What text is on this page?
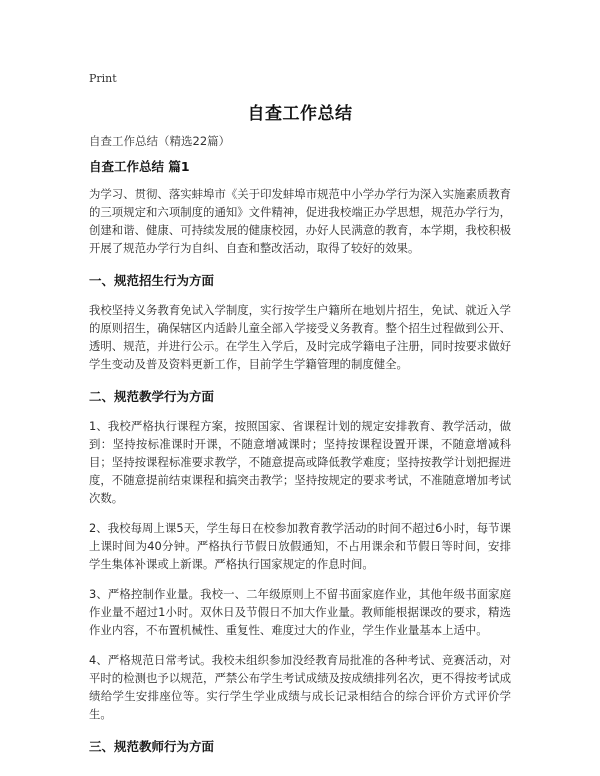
Print
自查工作总结
自查工作总结（精选22篇）
自查工作总结 篇1

为学习、贯彻、落实蚌埠市《关于印发蚌埠市规范中小学办学行为深入实施素质教育的三项规定和六项制度的通知》文件精神，促进我校端正办学思想，规范办学行为，创建和谐、健康、可持续发展的健康校园，办好人民满意的教育，本学期，我校积极开展了规范办学行为自纠、自查和整改活动，取得了较好的效果。

一、规范招生行为方面

我校坚持义务教育免试入学制度，实行按学生户籍所在地划片招生，免试、就近入学的原则招生，确保辖区内适龄儿童全部入学接受义务教育。整个招生过程做到公开、透明、规范，并进行公示。在学生入学后，及时完成学籍电子注册，同时按要求做好学生变动及普及资料更新工作，目前学生学籍管理的制度健全。

二、规范教学行为方面

1、我校严格执行课程方案，按照国家、省课程计划的规定安排教育、教学活动，做到：坚持按标准课时开课，不随意增减课时；坚持按课程设置开课，不随意增减科目；坚持按课程标准要求教学，不随意提高或降低教学难度；坚持按教学计划把握进度，不随意提前结束课程和搞突击教学；坚持按规定的要求考试，不准随意增加考试次数。

2、我校每周上课5天，学生每日在校参加教育教学活动的时间不超过6小时，每节课上课时间为40分钟。严格执行节假日放假通知，不占用课余和节假日等时间，安排学生集体补课或上新课。严格执行国家规定的作息时间。

3、严格控制作业量。我校一、二年级原则上不留书面家庭作业，其他年级书面家庭作业量不超过1小时。双休日及节假日不加大作业量。教师能根据课改的要求，精选作业内容，不布置机械性、重复性、难度过大的作业，学生作业量基本上适中。

4、严格规范日常考试。我校未组织参加没经教育局批准的各种考试、竞赛活动，对平时的检测也予以规范，严禁公布学生考试成绩及按成绩排列名次，更不得按考试成绩给学生安排座位等。实行学生学业成绩与成长记录相结合的综合评价方式评价学生。

三、规范教师行为方面
